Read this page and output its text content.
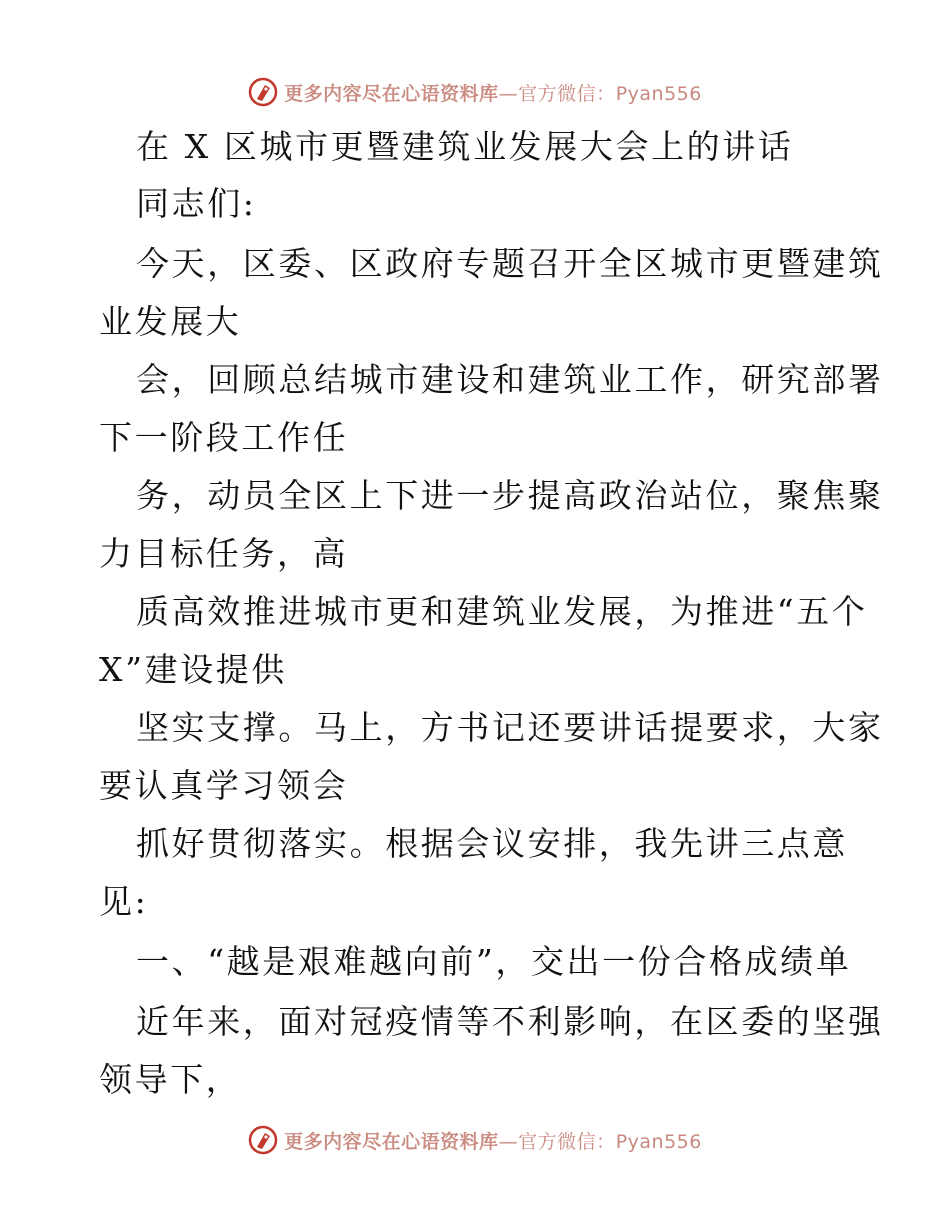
更多内容尽在心语资料库—官方微信：Pyan556
在 X 区城市更暨建筑业发展大会上的讲话
同志们:
今天，区委、区政府专题召开全区城市更暨建筑
业发展大
会，回顾总结城市建设和建筑业工作，研究部署
下一阶段工作任
务，动员全区上下进一步提高政治站位，聚焦聚
力目标任务，高
质高效推进城市更和建筑业发展，为推进“五个
X”建设提供
坚实支撑。马上，方书记还要讲话提要求，大家
要认真学习领会
抓好贯彻落实。根据会议安排，我先讲三点意
见:
一、“越是艰难越向前”，交出一份合格成绩单
近年来，面对冠疫情等不利影响，在区委的坚强
领导下，
更多内容尽在心语资料库—官方微信：Pyan556
